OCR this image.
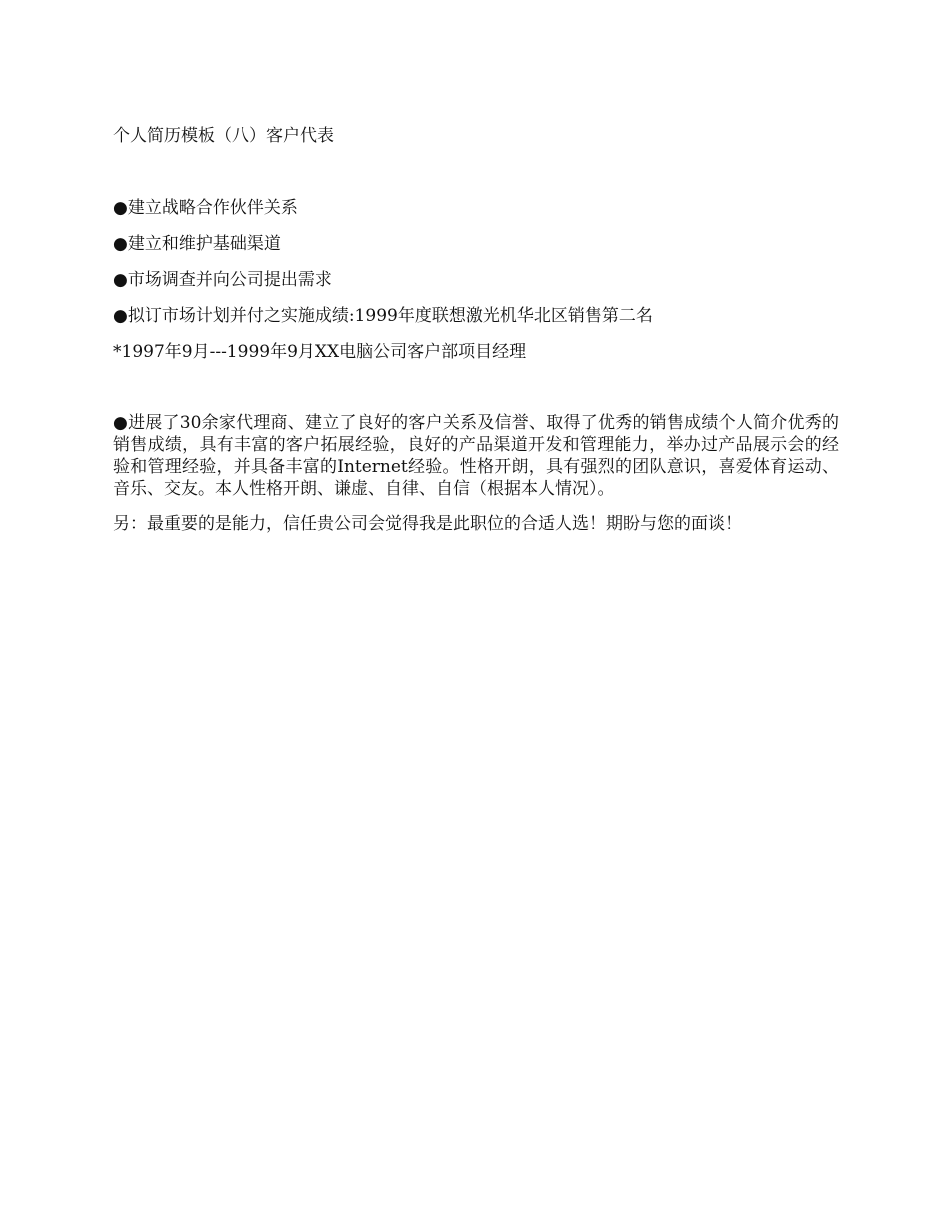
个人简历模板（八）客户代表

●建立战略合作伙伴关系
●建立和维护基础渠道
●市场调查并向公司提出需求
●拟订市场计划并付之实施成绩:1999年度联想激光机华北区销售第二名

*1997年9月---1999年9月XX电脑公司客户部项目经理

●进展了30余家代理商、建立了良好的客户关系及信誉、取得了优秀的销售成绩个人简介优秀的销售成绩，具有丰富的客户拓展经验，良好的产品渠道开发和管理能力，举办过产品展示会的经验和管理经验，并具备丰富的Internet经验。性格开朗，具有强烈的团队意识，喜爱体育运动、音乐、交友。本人性格开朗、谦虚、自律、自信（根据本人情况）。

另：最重要的是能力，信任贵公司会觉得我是此职位的合适人选！期盼与您的面谈！
